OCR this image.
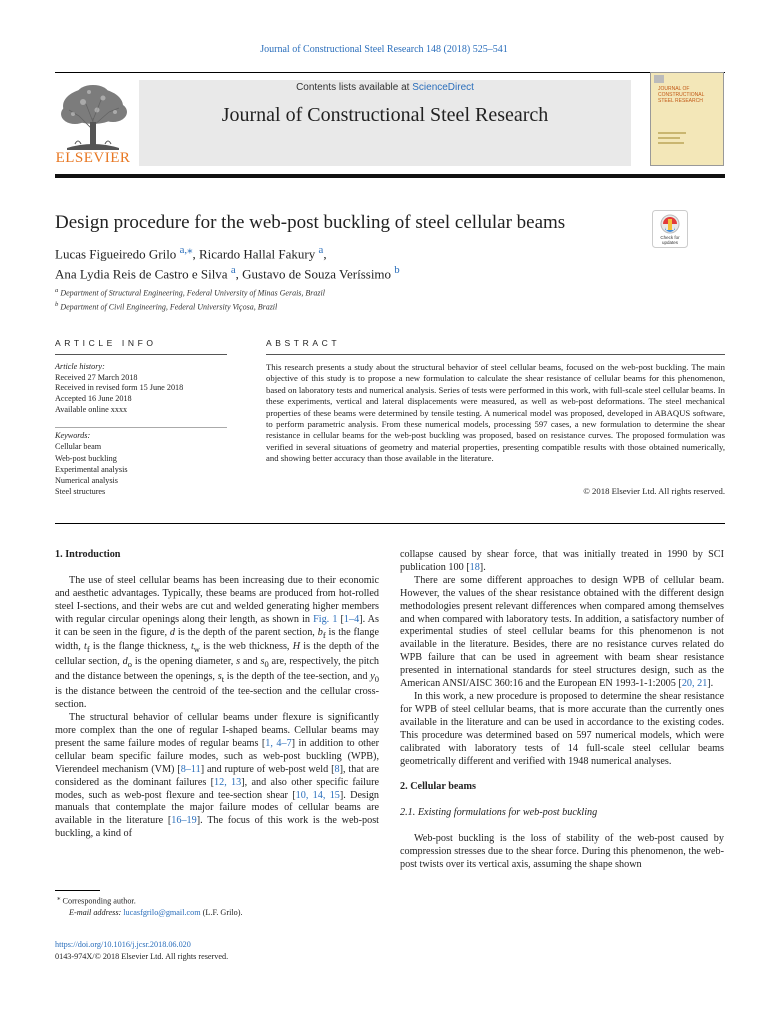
Journal of Constructional Steel Research 148 (2018) 525–541
ELSEVIER
Contents lists available at ScienceDirect
Journal of Constructional Steel Research
JOURNAL OF
CONSTRUCTIONAL
STEEL RESEARCH
Design procedure for the web-post buckling of steel cellular beams
Check for
updates
Lucas Figueiredo Grilo $^{a,⁎}$, Ricardo Hallal Fakury $^a$,
Ana Lydia Reis de Castro e Silva $^a$, Gustavo de Souza Veríssimo $^b$
$^a$ Department of Structural Engineering, Federal University of Minas Gerais, Brazil
$^b$ Department of Civil Engineering, Federal University Viçosa, Brazil
ARTICLE INFO	ABSTRACT
Article history:
Received 27 March 2018
Received in revised form 15 June 2018
Accepted 16 June 2018
Available online xxxx
Keywords:
Cellular beam
Web-post buckling
Experimental analysis
Numerical analysis
Steel structures
This research presents a study about the structural behavior of steel cellular beams, focused on the web-post buckling. The main objective of this study is to propose a new formulation to calculate the shear resistance of cellular beams for this phenomenon, based on laboratory tests and numerical analysis. Series of tests were performed in this work, with full-scale steel cellular beams. In these experiments, vertical and lateral displacements were measured, as well as web-post deformations. The steel mechanical properties of these beams were determined by tensile testing. A numerical model was proposed, developed in ABAQUS software, to perform parametric analysis. From these numerical models, processing 597 cases, a new formulation to determine the shear resistance in cellular beams for the web-post buckling was proposed, based on resistance curves. The proposed formulation was verified in several situations of geometry and material properties, presenting compatible results with those obtained numerically, and showing better accuracy than those available in the literature.
© 2018 Elsevier Ltd. All rights reserved.
1. Introduction

The use of steel cellular beams has been increasing due to their economic and aesthetic advantages. Typically, these beams are produced from hot-rolled steel I-sections, and their webs are cut and welded generating higher members with regular circular openings along their length, as shown in Fig. 1 [1–4]. As it can be seen in the figure, d is the depth of the parent section, $b_f$ is the flange width, $t_f$ is the flange thickness, $t_w$ is the web thickness, H is the depth of the cellular section, $d_o$ is the opening diameter, s and $s_0$ are, respectively, the pitch and the distance between the openings, $s_t$ is the depth of the tee-section, and $y_0$ is the distance between the centroid of the tee-section and the cellular cross-section.

The structural behavior of cellular beams under flexure is significantly more complex than the one of regular I-shaped beams. Cellular beams may present the same failure modes of regular beams [1, 4–7] in addition to other cellular beam specific failure modes, such as web-post buckling (WPB), Vierendeel mechanism (VM) [8–11] and rupture of web-post weld [8], that are considered as the dominant failures [12, 13], and also other specific failure modes, such as web-post flexure and tee-section shear [10, 14, 15]. Design manuals that contemplate the major failure modes of cellular beams are available in the literature [16–19]. The focus of this work is the web-post buckling, a kind of

collapse caused by shear force, that was initially treated in 1990 by SCI publication 100 [18].

There are some different approaches to design WPB of cellular beam. However, the values of the shear resistance obtained with the different design methodologies present relevant differences when compared among themselves and when compared with laboratory tests. In addition, a satisfactory number of experimental studies of steel cellular beams for this phenomenon is not available in the literature. Besides, there are no resistance curves related do WPB failure that can be used in agreement with beam shear resistance presented in international standards for steel structures design, such as the American ANSI/AISC 360:16 and the European EN 1993-1-1:2005 [20, 21].

In this work, a new procedure is proposed to determine the shear resistance for WPB of steel cellular beams, that is more accurate than the currently ones available in the literature and can be used in accordance to the existing codes. This procedure was determined based on 597 numerical models, which were calibrated with laboratory tests of 14 full-scale steel cellular beams geometrically different and verified with 1948 numerical analyses.

2. Cellular beams
2.1. Existing formulations for web-post buckling

Web-post buckling is the loss of stability of the web-post caused by compression stresses due to the shear force. During this phenomenon, the web-post twists over its vertical axis, assuming the shape shown

⁎ Corresponding author.
E-mail address: lucasfgrilo@gmail.com (L.F. Grilo).
https://doi.org/10.1016/j.jcsr.2018.06.020
0143-974X/© 2018 Elsevier Ltd. All rights reserved.
